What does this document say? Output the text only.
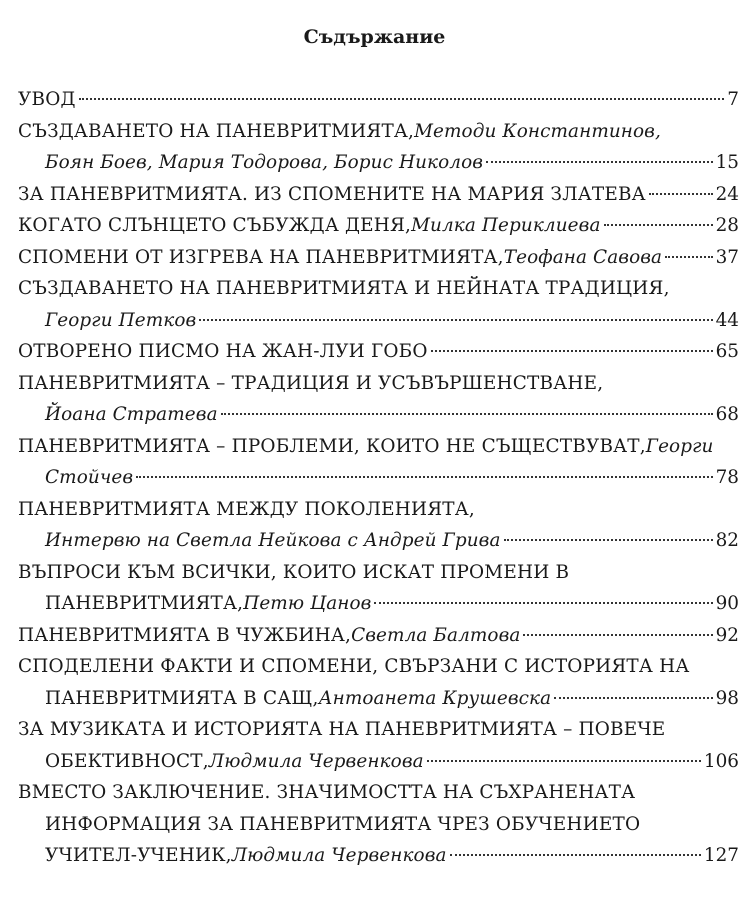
Съдържание
УВОД	7
СЪЗДАВАНЕТО НА ПАНЕВРИТМИЯТА, Методи Константинов,
Боян Боев, Мария Тодорова, Борис Николов	15
ЗА ПАНЕВРИТМИЯТА. ИЗ СПОМЕНИТЕ НА МАРИЯ ЗЛАТЕВА	24
КОГАТО СЛЪНЦЕТО СЪБУЖДА ДЕНЯ, Милка Периклиева	28
СПОМЕНИ ОТ ИЗГРЕВА НА ПАНЕВРИТМИЯТА, Теофана Савова	37
СЪЗДАВАНЕТО НА ПАНЕВРИТМИЯТА И НЕЙНАТА ТРАДИЦИЯ,
Георги Петков	44
ОТВОРЕНО ПИСМО НА ЖАН-ЛУИ ГОБО	65
ПАНЕВРИТМИЯТА – ТРАДИЦИЯ И УСЪВЪРШЕНСТВАНЕ,
Йоана Стратева	68
ПАНЕВРИТМИЯТА – ПРОБЛЕМИ, КОИТО НЕ СЪЩЕСТВУВАТ, Георги
Стойчев	78
ПАНЕВРИТМИЯТА МЕЖДУ ПОКОЛЕНИЯТА,
Интервю на Светла Нейкова с Андрей Грива	82
ВЪПРОСИ КЪМ ВСИЧКИ, КОИТО ИСКАТ ПРОМЕНИ В
ПАНЕВРИТМИЯТА, Петю Цанов	90
ПАНЕВРИТМИЯТА В ЧУЖБИНА, Светла Балтова	92
СПОДЕЛЕНИ ФАКТИ И СПОМЕНИ, СВЪРЗАНИ С ИСТОРИЯТА НА
ПАНЕВРИТМИЯТА В САЩ, Антоанета Крушевска	98
ЗА МУЗИКАТА И ИСТОРИЯТА НА ПАНЕВРИТМИЯТА – ПОВЕЧЕ
ОБЕКТИВНОСТ, Людмила Червенкова	106
ВМЕСТО ЗАКЛЮЧЕНИЕ. ЗНАЧИМОСТТА НА СЪХРАНЕНАТА
ИНФОРМАЦИЯ ЗА ПАНЕВРИТМИЯТА ЧРЕЗ ОБУЧЕНИЕТО
УЧИТЕЛ-УЧЕНИК, Людмила Червенкова	127
